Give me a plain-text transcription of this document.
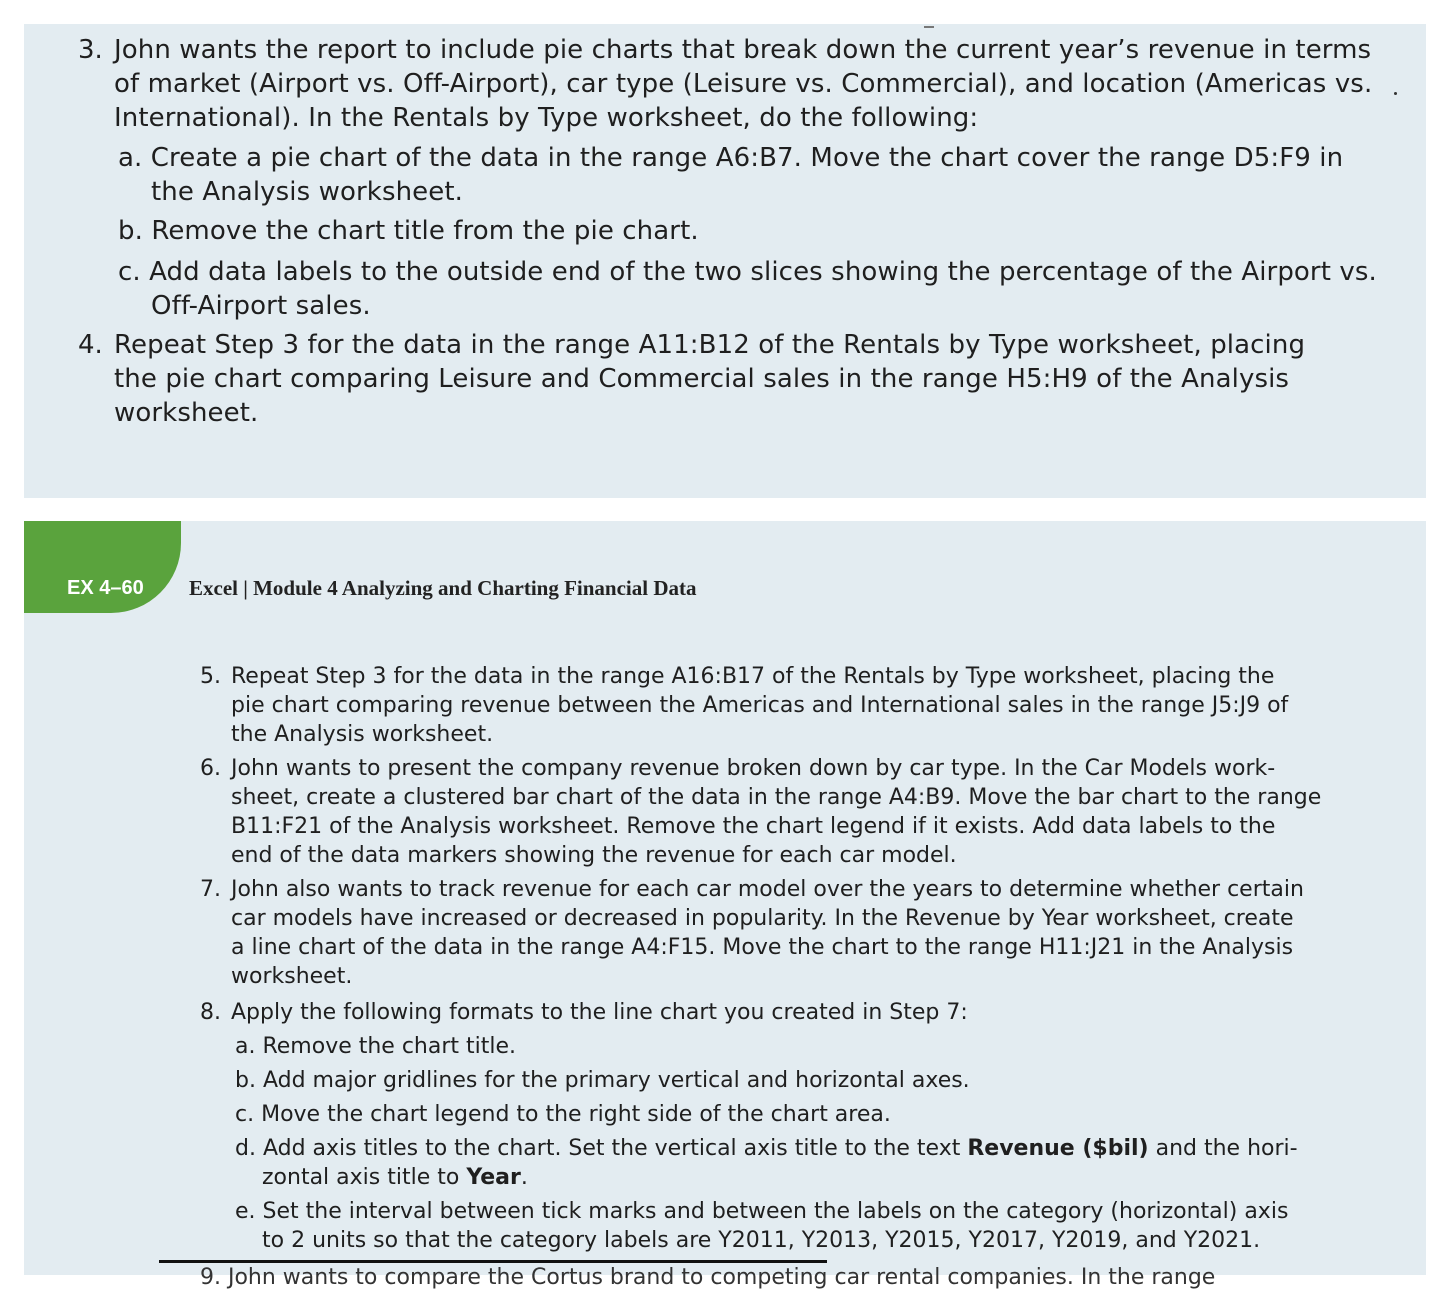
3. John wants the report to include pie charts that break down the current year’s revenue in terms
of market (Airport vs. Off-Airport), car type (Leisure vs. Commercial), and location (Americas vs.
International). In the Rentals by Type worksheet, do the following:
a. Create a pie chart of the data in the range A6:B7. Move the chart cover the range D5:F9 in
the Analysis worksheet.
b. Remove the chart title from the pie chart.
c. Add data labels to the outside end of the two slices showing the percentage of the Airport vs.
Off-Airport sales.
4. Repeat Step 3 for the data in the range A11:B12 of the Rentals by Type worksheet, placing
the pie chart comparing Leisure and Commercial sales in the range H5:H9 of the Analysis
worksheet.
EX 4–60 Excel | Module 4 Analyzing and Charting Financial Data
5. Repeat Step 3 for the data in the range A16:B17 of the Rentals by Type worksheet, placing the
pie chart comparing revenue between the Americas and International sales in the range J5:J9 of
the Analysis worksheet.
6. John wants to present the company revenue broken down by car type. In the Car Models work-
sheet, create a clustered bar chart of the data in the range A4:B9. Move the bar chart to the range
B11:F21 of the Analysis worksheet. Remove the chart legend if it exists. Add data labels to the
end of the data markers showing the revenue for each car model.
7. John also wants to track revenue for each car model over the years to determine whether certain
car models have increased or decreased in popularity. In the Revenue by Year worksheet, create
a line chart of the data in the range A4:F15. Move the chart to the range H11:J21 in the Analysis
worksheet.
8. Apply the following formats to the line chart you created in Step 7:
a. Remove the chart title.
b. Add major gridlines for the primary vertical and horizontal axes.
c. Move the chart legend to the right side of the chart area.
d. Add axis titles to the chart. Set the vertical axis title to the text Revenue ($bil) and the hori-
zontal axis title to Year.
e. Set the interval between tick marks and between the labels on the category (horizontal) axis
to 2 units so that the category labels are Y2011, Y2013, Y2015, Y2017, Y2019, and Y2021.
9. John wants to compare the Cortus brand to competing car rental companies. In the range
